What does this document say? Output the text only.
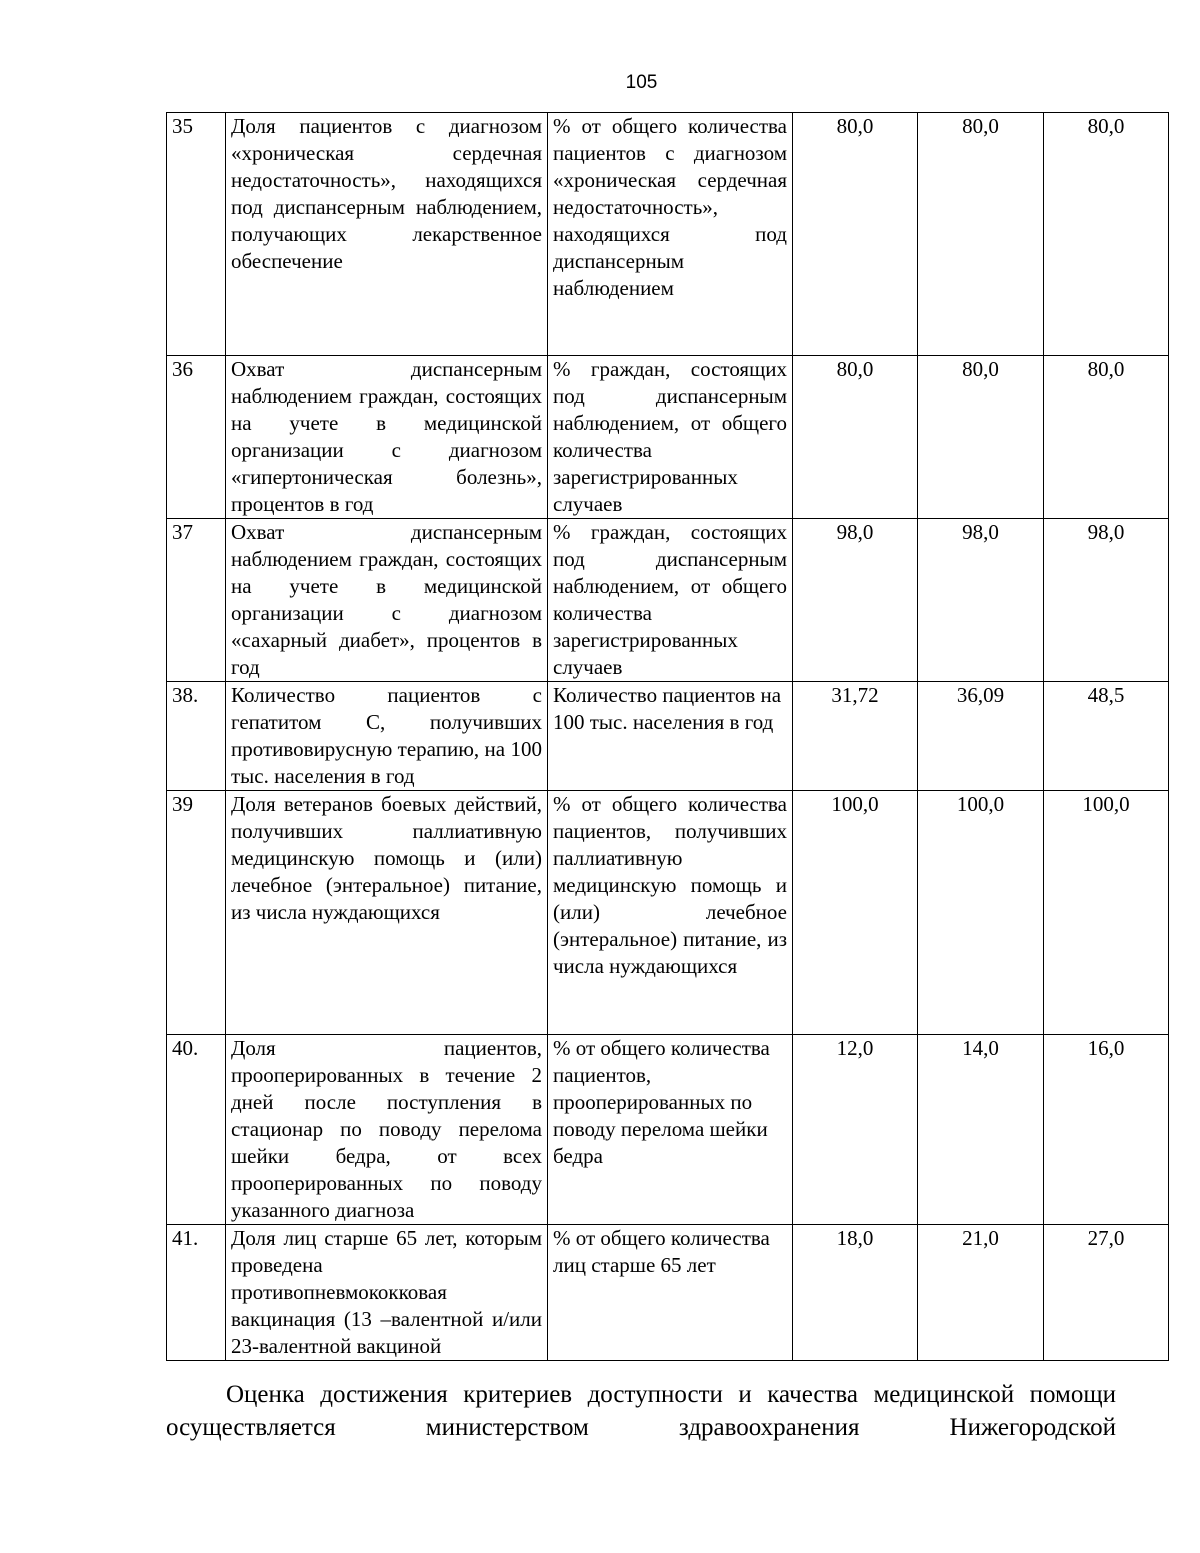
105
35	Доля пациентов с диагнозом «хроническая сердечная недостаточность», находящихся под диспансерным наблюдением, получающих лекарственное обеспечение	% от общего количества пациентов с диагнозом «хроническая сердечная недостаточность», находящихся под диспансерным наблюдением	80,0	80,0	80,0
36	Охват диспансерным наблюдением граждан, состоящих на учете в медицинской организации с диагнозом «гипертоническая болезнь», процентов в год	% граждан, состоящих под диспансерным наблюдением, от общего количества зарегистрированных случаев	80,0	80,0	80,0
37	Охват диспансерным наблюдением граждан, состоящих на учете в медицинской организации с диагнозом «сахарный диабет», процентов в год	% граждан, состоящих под диспансерным наблюдением, от общего количества зарегистрированных случаев	98,0	98,0	98,0
38.	Количество пациентов с гепатитом С, получивших противовирусную терапию, на 100 тыс. населения в год	Количество пациентов на 100 тыс. населения в год	31,72	36,09	48,5
39	Доля ветеранов боевых действий, получивших паллиативную медицинскую помощь и (или) лечебное (энтеральное) питание, из числа нуждающихся	% от общего количества пациентов, получивших паллиативную медицинскую помощь и (или) лечебное (энтеральное) питание, из числа нуждающихся	100,0	100,0	100,0
40.	Доля пациентов, прооперированных в течение 2 дней после поступления в стационар по поводу перелома шейки бедра, от всех прооперированных по поводу указанного диагноза	% от общего количества пациентов, прооперированных по поводу перелома шейки бедра	12,0	14,0	16,0
41.	Доля лиц старше 65 лет, которым проведена противопневмококковая вакцинация (13 –валентной и/или 23-валентной вакциной	% от общего количества лиц старше 65 лет	18,0	21,0	27,0
Оценка достижения критериев доступности и качества медицинской помощи осуществляется министерством здравоохранения Нижегородской
